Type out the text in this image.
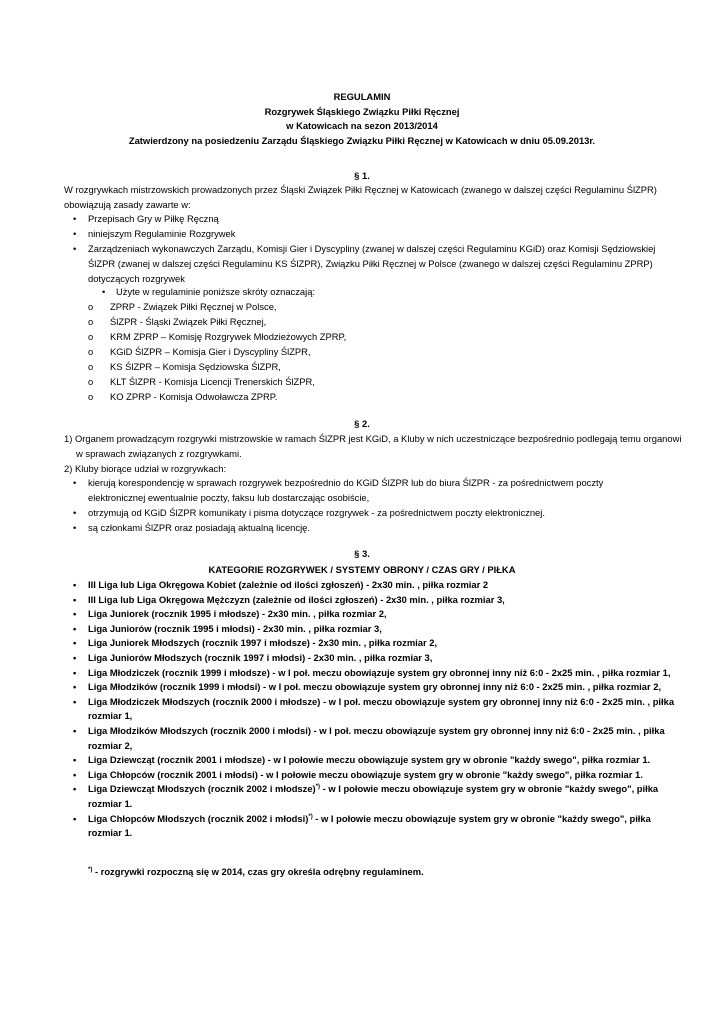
REGULAMIN
Rozgrywek Śląskiego Związku Piłki Ręcznej
w Katowicach na sezon 2013/2014
Zatwierdzony na posiedzeniu Zarządu Śląskiego Związku Piłki Ręcznej w Katowicach w dniu 05.09.2013r.
§ 1.
W rozgrywkach mistrzowskich prowadzonych przez Śląski Związek Piłki Ręcznej w Katowicach (zwanego w dalszej części Regulaminu ŚlZPR) obowiązują zasady zawarte w:
• Przepisach Gry w Piłkę Ręczną
• niniejszym Regulaminie Rozgrywek
• Zarządzeniach wykonawczych Zarządu, Komisji Gier i Dyscypliny (zwanej w dalszej części Regulaminu KGiD) oraz Komisji Sędziowskiej ŚlZPR (zwanej w dalszej części Regulaminu KS ŚlZPR), Związku Piłki Ręcznej w Polsce (zwanego w dalszej części Regulaminu ZPRP) dotyczących rozgrywek
• Użyte w regulaminie poniższe skróty oznaczają:
o ZPRP - Związek Piłki Ręcznej w Polsce,
o ŚlZPR - Śląski Związek Piłki Ręcznej,
o KRM ZPRP – Komisję Rozgrywek Młodzieżowych ZPRP,
o KGiD ŚlZPR – Komisja Gier i Dyscypliny ŚlZPR,
o KS ŚlZPR – Komisja Sędziowska ŚlZPR,
o KLT ŚlZPR - Komisja Licencji Trenerskich ŚlZPR,
o KO ZPRP - Komisja Odwoławcza ZPRP.
§ 2.
1) Organem prowadzącym rozgrywki mistrzowskie w ramach ŚlZPR jest KGiD, a Kluby w nich uczestniczące bezpośrednio podlegają temu organowi w sprawach związanych z rozgrywkami.
2) Kluby biorące udział w rozgrywkach:
• kierują korespondencję w sprawach rozgrywek bezpośrednio do KGiD ŚlZPR lub do biura ŚlZPR - za pośrednictwem poczty elektronicznej ewentualnie poczty, faksu lub dostarczając osobiście,
• otrzymują od KGiD ŚlZPR komunikaty i pisma dotyczące rozgrywek - za pośrednictwem poczty elektronicznej.
• są członkami ŚlZPR oraz posiadają aktualną licencję.
§ 3.
KATEGORIE ROZGRYWEK / SYSTEMY OBRONY / CZAS GRY / PIŁKA
• III Liga lub Liga Okręgowa Kobiet (zależnie od ilości zgłoszeń) - 2x30 min. , piłka rozmiar 2
• III Liga lub Liga Okręgowa Mężczyzn (zależnie od ilości zgłoszeń) - 2x30 min. , piłka rozmiar 3,
• Liga Juniorek (rocznik 1995 i młodsze) - 2x30 min. , piłka rozmiar 2,
• Liga Juniorów (rocznik 1995 i młodsi) - 2x30 min. , piłka rozmiar 3,
• Liga Juniorek Młodszych (rocznik 1997 i młodsze) - 2x30 min. , piłka rozmiar 2,
• Liga Juniorów Młodszych (rocznik 1997 i młodsi) - 2x30 min. , piłka rozmiar 3,
• Liga Młodziczek (rocznik 1999 i młodsze) - w I poł. meczu obowiązuje system gry obronnej inny niż 6:0 - 2x25 min. , piłka rozmiar 1,
• Liga Młodzików (rocznik 1999 i młodsi) - w I poł. meczu obowiązuje system gry obronnej inny niż 6:0 - 2x25 min. , piłka rozmiar 2,
• Liga Młodziczek Młodszych (rocznik 2000 i młodsze) - w I poł. meczu obowiązuje system gry obronnej inny niż 6:0 - 2x25 min. , piłka rozmiar 1,
• Liga Młodzików Młodszych (rocznik 2000 i młodsi) - w I poł. meczu obowiązuje system gry obronnej inny niż 6:0 - 2x25 min. , piłka rozmiar 2,
• Liga Dziewcząt (rocznik 2001 i młodsze) - w I połowie meczu obowiązuje system gry w obronie "każdy swego", piłka rozmiar 1.
• Liga Chłopców (rocznik 2001 i młodsi) - w I połowie meczu obowiązuje system gry w obronie "każdy swego", piłka rozmiar 1.
• Liga Dziewcząt Młodszych (rocznik 2002 i młodsze)*) - w I połowie meczu obowiązuje system gry w obronie "każdy swego", piłka rozmiar 1.
• Liga Chłopców Młodszych (rocznik 2002 i młodsi)*) - w I połowie meczu obowiązuje system gry w obronie "każdy swego", piłka rozmiar 1.
*) - rozgrywki rozpoczną się w 2014, czas gry określa odrębny regulaminem.
